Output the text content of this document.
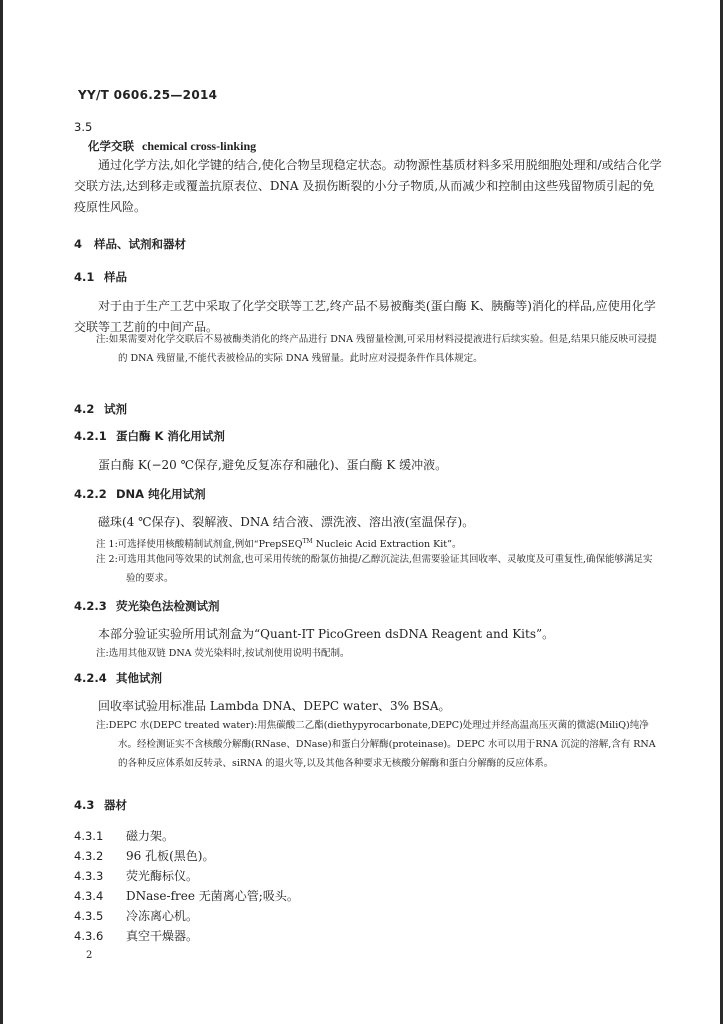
YY/T 0606.25—2014
3.5
化学交联 chemical cross-linking
通过化学方法,如化学键的结合,使化合物呈现稳定状态。动物源性基质材料多采用脱细胞处理和/或结合化学交联方法,达到移走或覆盖抗原表位、DNA 及损伤断裂的小分子物质,从而减少和控制由这些残留物质引起的免疫原性风险。
4 样品、试剂和器材
4.1 样品
对于由于生产工艺中采取了化学交联等工艺,终产品不易被酶类(蛋白酶 K、胰酶等)消化的样品,应使用化学交联等工艺前的中间产品。
注:如果需要对化学交联后不易被酶类消化的终产品进行 DNA 残留量检测,可采用材料浸提液进行后续实验。但是,结果只能反映可浸提的 DNA 残留量,不能代表被检品的实际 DNA 残留量。此时应对浸提条件作具体规定。
4.2 试剂
4.2.1 蛋白酶 K 消化用试剂
蛋白酶 K(−20 ℃保存,避免反复冻存和融化)、蛋白酶 K 缓冲液。
4.2.2 DNA 纯化用试剂
磁珠(4 ℃保存)、裂解液、DNA 结合液、漂洗液、溶出液(室温保存)。
注 1:可选择使用核酸精制试剂盒,例如“PrepSEQ™ Nucleic Acid Extraction Kit”。
注 2:可选用其他同等效果的试剂盒,也可采用传统的酚氯仿抽提/乙醇沉淀法,但需要验证其回收率、灵敏度及可重复性,确保能够满足实验的要求。
4.2.3 荧光染色法检测试剂
本部分验证实验所用试剂盒为“Quant-IT PicoGreen dsDNA Reagent and Kits”。
注:选用其他双链 DNA 荧光染料时,按试剂使用说明书配制。
4.2.4 其他试剂
回收率试验用标准品 Lambda DNA、DEPC water、3% BSA。
注:DEPC 水(DEPC treated water):用焦碳酸二乙酯(diethypyrocarbonate,DEPC)处理过并经高温高压灭菌的微滤(MiliQ)纯净水。经检测证实不含核酸分解酶(RNase、DNase)和蛋白分解酶(proteinase)。DEPC 水可以用于RNA 沉淀的溶解,含有 RNA 的各种反应体系如反转录、siRNA 的退火等,以及其他各种要求无核酸分解酶和蛋白分解酶的反应体系。
4.3 器材
4.3.1 磁力架。
4.3.2 96 孔板(黑色)。
4.3.3 荧光酶标仪。
4.3.4 DNase-free 无菌离心管;吸头。
4.3.5 冷冻离心机。
4.3.6 真空干燥器。
2
